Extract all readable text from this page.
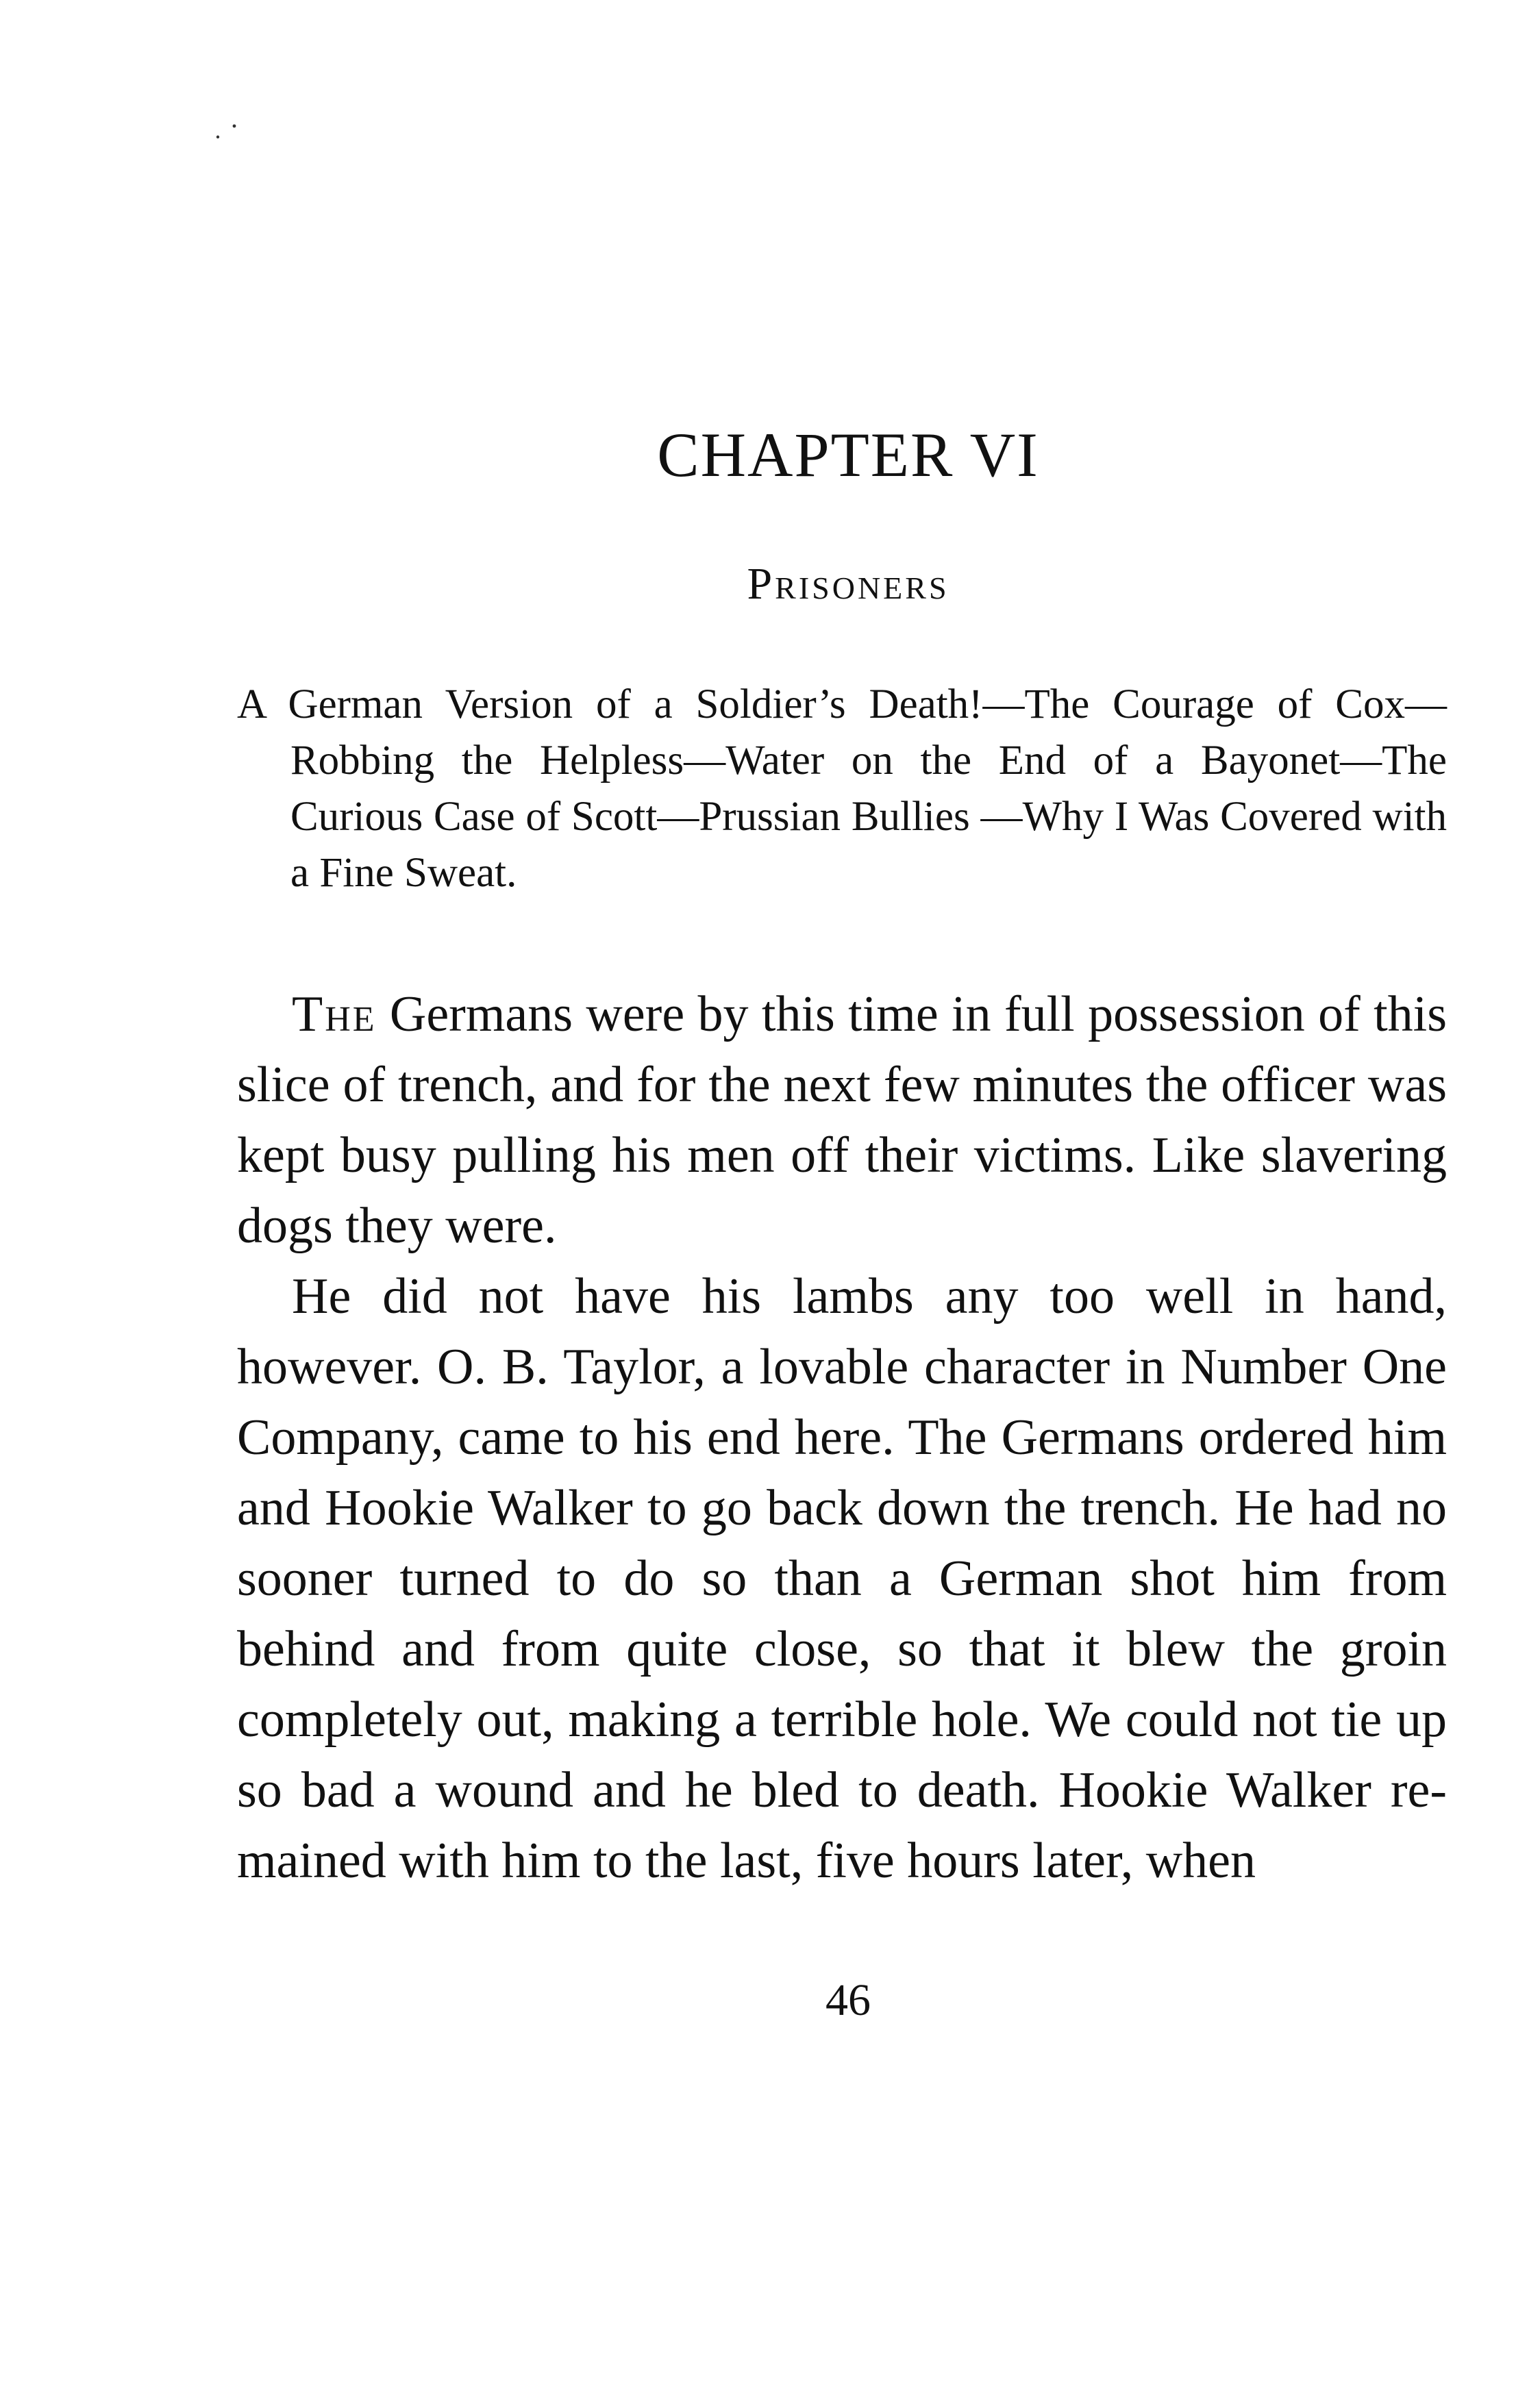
CHAPTER VI
Prisoners
A German Version of a Soldier’s Death!—The Courage of Cox—Robbing the Helpless—Water on the End of a Bayonet—The Curious Case of Scott—Prussian Bullies —Why I Was Covered with a Fine Sweat.

The Germans were by this time in full possession of this slice of trench, and for the next few minutes the officer was kept busy pulling his men off their victims. Like slavering dogs they were.

He did not have his lambs any too well in hand, however. O. B. Taylor, a lovable character in Number One Company, came to his end here. The Germans ordered him and Hookie Walker to go back down the trench. He had no sooner turned to do so than a German shot him from behind and from quite close, so that it blew the groin completely out, making a terrible hole. We could not tie up so bad a wound and he bled to death. Hookie Walker remained with him to the last, five hours later, when

46
